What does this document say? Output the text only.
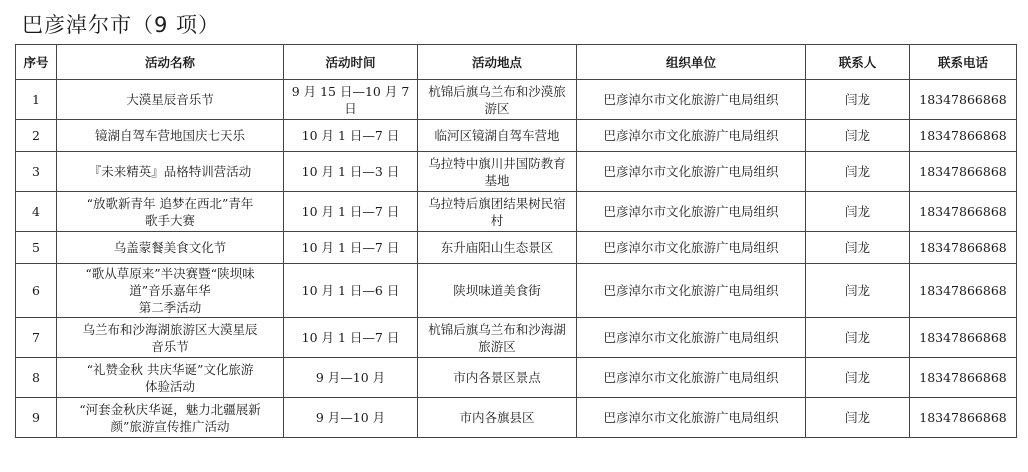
巴彦淖尔市（9 项）
序号	活动名称	活动时间	活动地点	组织单位	联系人	联系电话
1	大漠星辰音乐节	9 月 15 日—10 月 7 日	杭锦后旗乌兰布和沙漠旅
游区	巴彦淖尔市文化旅游广电局组织	闫龙	18347866868
2	镜湖自驾车营地国庆七天乐	10 月 1 日—7 日	临河区镜湖自驾车营地	巴彦淖尔市文化旅游广电局组织	闫龙	18347866868
3	『未来精英』品格特训营活动	10 月 1 日—3 日	乌拉特中旗川井国防教育
基地	巴彦淖尔市文化旅游广电局组织	闫龙	18347866868
4	“放歌新青年 追梦在西北”青年
歌手大赛	10 月 1 日—7 日	乌拉特后旗团结果树民宿
村	巴彦淖尔市文化旅游广电局组织	闫龙	18347866868
5	乌盖蒙餐美食文化节	10 月 1 日—7 日	东升庙阳山生态景区	巴彦淖尔市文化旅游广电局组织	闫龙	18347866868
6	“歌从草原来”半决赛暨“陕坝味
道”音乐嘉年华
第二季活动	10 月 1 日—6 日	陕坝味道美食街	巴彦淖尔市文化旅游广电局组织	闫龙	18347866868
7	乌兰布和沙海湖旅游区大漠星辰
音乐节	10 月 1 日—7 日	杭锦后旗乌兰布和沙海湖
旅游区	巴彦淖尔市文化旅游广电局组织	闫龙	18347866868
8	“礼赞金秋 共庆华诞”文化旅游
体验活动	9 月—10 月	市内各景区景点	巴彦淖尔市文化旅游广电局组织	闫龙	18347866868
9	“河套金秋庆华诞，魅力北疆展新
颜”旅游宣传推广活动	9 月—10 月	市内各旗县区	巴彦淖尔市文化旅游广电局组织	闫龙	18347866868
